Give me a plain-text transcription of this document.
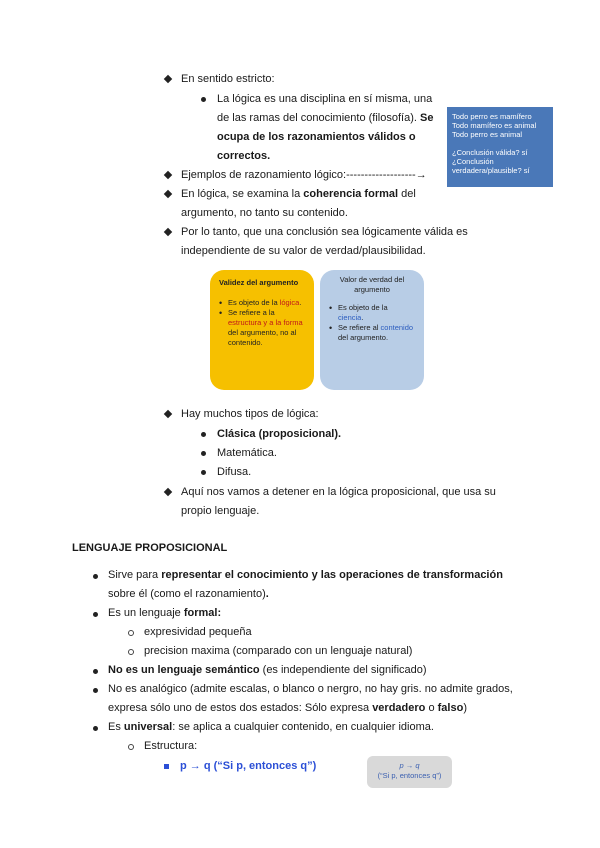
En sentido estricto:
La lógica es una disciplina en sí misma, una
de las ramas del conocimiento (filosofía). Se
ocupa de los razonamientos válidos o
correctos.
Todo perro es mamífero
Todo mamífero es animal
Todo perro es animal
¿Conclusión válida? sí
¿Conclusión
verdadera/plausible? sí
Ejemplos de razonamiento lógico:-------------------→
En lógica, se examina la coherencia formal del
argumento, no tanto su contenido.
Por lo tanto, que una conclusión sea lógicamente válida es
independiente de su valor de verdad/plausibilidad.
Validez del argumento
• Es objeto de la lógica.
• Se refiere a la estructura y a la forma del argumento, no al contenido.
Valor de verdad del argumento
• Es objeto de la ciencia.
• Se refiere al contenido del argumento.
Hay muchos tipos de lógica:
Clásica (proposicional).
Matemática.
Difusa.
Aquí nos vamos a detener en la lógica proposicional, que usa su
propio lenguaje.
LENGUAJE PROPOSICIONAL
Sirve para representar el conocimiento y las operaciones de transformación
sobre él (como el razonamiento).
Es un lenguaje formal:
expresividad pequeña
precision maxima (comparado con un lenguaje natural)
No es un lenguaje semántico (es independiente del significado)
No es analógico (admite escalas, o blanco o nergro, no hay gris. no admite grados,
expresa sólo uno de estos dos estados: Sólo expresa verdadero o falso)
Es universal: se aplica a cualquier contenido, en cualquier idioma.
Estructura:
p → q (“Si p, entonces q”)	p → q
(“Si p, entonces q”)
